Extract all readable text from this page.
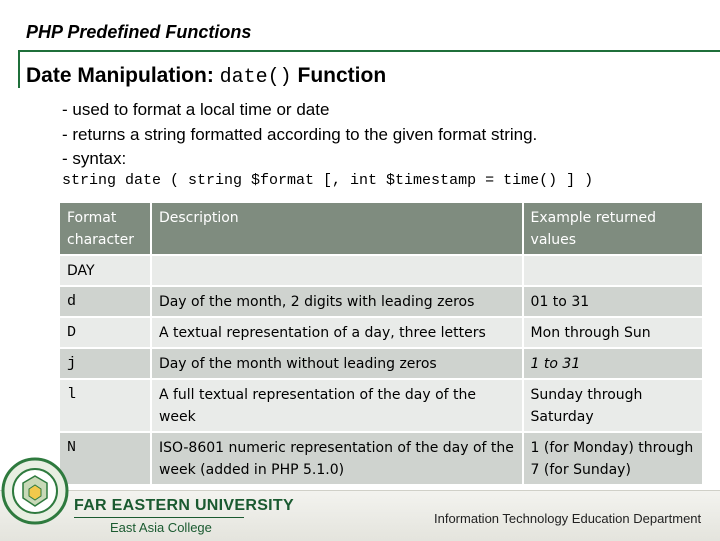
PHP Predefined Functions
Date Manipulation: date() Function
- used to format a local time or date
- returns a string formatted according to the given format string.
- syntax:
string date ( string $format [, int $timestamp = time() ] )
Format character	Description	Example returned values
DAY		
d	Day of the month, 2 digits with leading zeros	01 to 31
D	A textual representation of a day, three letters	Mon through Sun
j	Day of the month without leading zeros	1 to 31
l	A full textual representation of the day of the week	Sunday through Saturday
N	ISO-8601 numeric representation of the day of the week (added in PHP 5.1.0)	1 (for Monday) through 7 (for Sunday)
FAR EASTERN UNIVERSITY
East Asia College
Information Technology Education Department
